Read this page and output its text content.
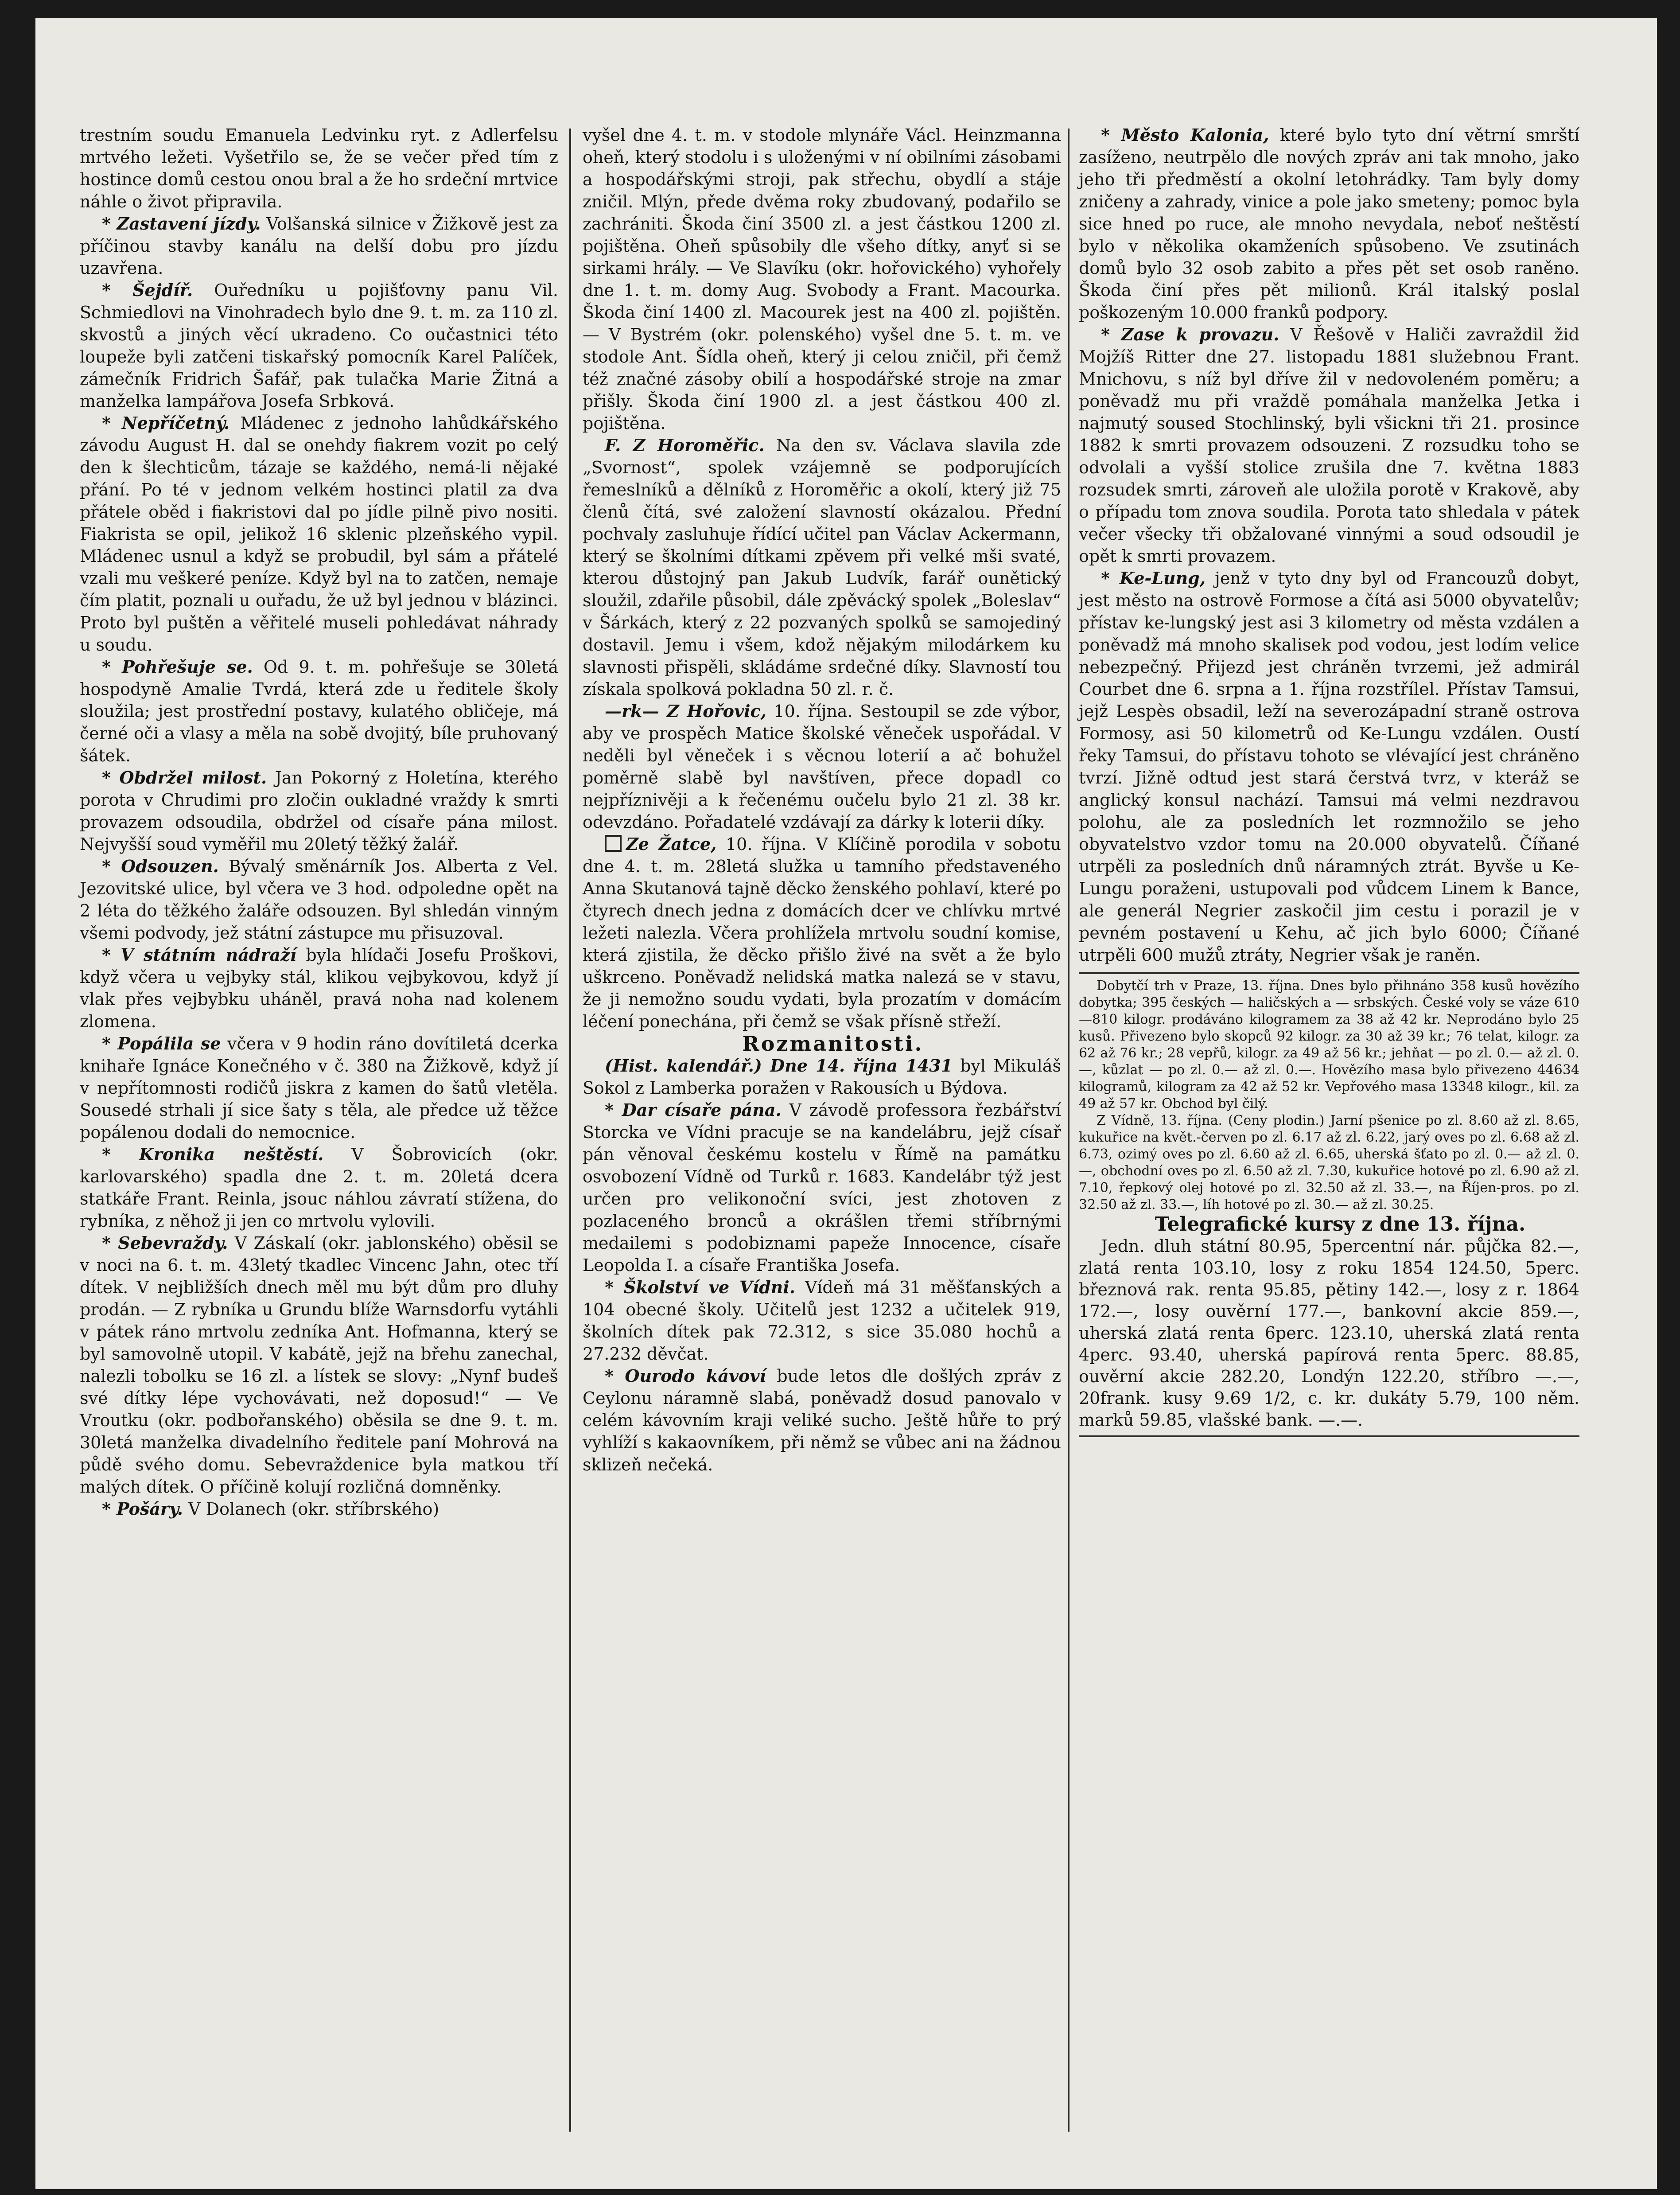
trestním soudu Emanuela Ledvinku ryt. z Adlerfelsu mrtvého ležeti. Vyšetřilo se, že se večer před tím z hostince domů cestou onou bral a že ho srdeční mrtvice náhle o život připravila.

* Zastavení jízdy. Volšanská silnice v Žižkově jest za příčinou stavby kanálu na delší dobu pro jízdu uzavřena.

* Šejdíř. Ouředníku u pojišťovny panu Vil. Schmiedlovi na Vinohradech bylo dne 9. t. m. za 110 zl. skvostů a jiných věcí ukradeno. Co oučastnici této loupeže byli zatčeni tiskařský pomocník Karel Palíček, zámečník Fridrich Šafář, pak tulačka Marie Žitná a manželka lampářova Josefa Srbková.

* Nepříčetný. Mládenec z jednoho lahůdkářského závodu August H. dal se onehdy fiakrem vozit po celý den k šlechticům, tázaje se každého, nemá-li nějaké přání. Po té v jednom velkém hostinci platil za dva přátele oběd i fiakristovi dal po jídle pilně pivo nositi. Fiakrista se opil, jelikož 16 sklenic plzeňského vypil. Mládenec usnul a když se probudil, byl sám a přátelé vzali mu veškeré peníze. Když byl na to zatčen, nemaje čím platit, poznali u ouřadu, že už byl jednou v blázinci. Proto byl puštěn a věřitelé museli pohledávat náhrady u soudu.

* Pohřešuje se. Od 9. t. m. pohřešuje se 30letá hospodyně Amalie Tvrdá, která zde u ředitele školy sloužila; jest prostřední postavy, kulatého obličeje, má černé oči a vlasy a měla na sobě dvojitý, bíle pruhovaný šátek.

* Obdržel milost. Jan Pokorný z Holetína, kterého porota v Chrudimi pro zločin oukladné vraždy k smrti provazem odsoudila, obdržel od císaře pána milost. Nejvyšší soud vyměřil mu 20letý těžký žalář.

* Odsouzen. Bývalý směnárník Jos. Alberta z Vel. Jezovitské ulice, byl včera ve 3 hod. odpoledne opět na 2 léta do těžkého žaláře odsouzen. Byl shledán vinným všemi podvody, jež státní zástupce mu přisuzoval.

* V státním nádraží byla hlídači Josefu Proškovi, když včera u vejbyky stál, klikou vejbykovou, když jí vlak přes vejbybku uháněl, pravá noha nad kolenem zlomena.

* Popálila se včera v 9 hodin ráno dovítiletá dcerka knihaře Ignáce Konečného v č. 380 na Žižkově, když jí v nepřítomnosti rodičů jiskra z kamen do šatů vletěla. Sousedé strhali jí sice šaty s těla, ale předce už těžce popálenou dodali do nemocnice.

* Kronika neštěstí. V Šobrovicích (okr. karlovarského) spadla dne 2. t. m. 20letá dcera statkáře Frant. Reinla, jsouc náhlou závratí stížena, do rybníka, z něhož ji jen co mrtvolu vylovili.

* Sebevraždy. V Záskalí (okr. jablonského) oběsil se v noci na 6. t. m. 43letý tkadlec Vincenc Jahn, otec tří dítek. V nejbližších dnech měl mu být dům pro dluhy prodán. — Z rybníka u Grundu blíže Warnsdorfu vytáhli v pátek ráno mrtvolu zedníka Ant. Hofmanna, který se byl samovolně utopil. V kabátě, jejž na břehu zanechal, nalezli tobolku se 16 zl. a lístek se slovy: „Nynf budeš své dítky lépe vychovávati, než doposud!“ — Ve Vroutku (okr. podbořanského) oběsila se dne 9. t. m. 30letá manželka divadelního ředitele paní Mohrová na půdě svého domu. Sebevraždenice byla matkou tří malých dítek. O příčině kolují rozličná domněnky.

* Pošáry. V Dolanech (okr. stříbrského)

vyšel dne 4. t. m. v stodole mlynáře Václ. Heinzmanna oheň, který stodolu i s uloženými v ní obilními zásobami a hospodářskými stroji, pak střechu, obydlí a stáje zničil. Mlýn, přede dvěma roky zbudovaný, podařilo se zachrániti. Škoda činí 3500 zl. a jest částkou 1200 zl. pojištěna. Oheň spůsobily dle všeho dítky, anyť si se sirkami hrály. — Ve Slavíku (okr. hořovického) vyhořely dne 1. t. m. domy Aug. Svobody a Frant. Macourka. Škoda činí 1400 zl. Macourek jest na 400 zl. pojištěn. — V Bystrém (okr. polenského) vyšel dne 5. t. m. ve stodole Ant. Šídla oheň, který ji celou zničil, při čemž též značné zásoby obilí a hospodářské stroje na zmar přišly. Škoda činí 1900 zl. a jest částkou 400 zl. pojištěna.

F. Z Horoměřic. Na den sv. Václava slavila zde „Svornost“, spolek vzájemně se podporujících řemeslníků a dělníků z Horoměřic a okolí, který již 75 členů čítá, své založení slavností okázalou. Přední pochvaly zasluhuje řídící učitel pan Václav Ackermann, který se školními dítkami zpěvem při velké mši svaté, kterou důstojný pan Jakub Ludvík, farář ounětický sloužil, zdařile působil, dále zpěvácký spolek „Boleslav“ v Šárkách, který z 22 pozvaných spolků se samojediný dostavil. Jemu i všem, kdož nějakým milodárkem ku slavnosti přispěli, skládáme srdečné díky. Slavností tou získala spolková pokladna 50 zl. r. č.

—rk— Z Hořovic, 10. října. Sestoupil se zde výbor, aby ve prospěch Matice školské věneček uspořádal. V neděli byl věneček i s věcnou loterií a ač bohužel poměrně slabě byl navštíven, přece dopadl co nejpříznivěji a k řečenému oučelu bylo 21 zl. 38 kr. odevzdáno. Pořadatelé vzdávají za dárky k loterii díky.

Ze Žatce, 10. října. V Klíčině porodila v sobotu dne 4. t. m. 28letá služka u tamního představeného Anna Skutanová tajně děcko ženského pohlaví, které po čtyrech dnech jedna z domácích dcer ve chlívku mrtvé ležeti nalezla. Včera prohlížela mrtvolu soudní komise, která zjistila, že děcko přišlo živé na svět a že bylo uškrceno. Poněvadž nelidská matka nalezá se v stavu, že ji nemožno soudu vydati, byla prozatím v domácím léčení ponechána, při čemž se však přísně střeží.

Rozmanitosti.

(Hist. kalendář.) Dne 14. října 1431 byl Mikuláš Sokol z Lamberka poražen v Rakousích u Býdova.

* Dar císaře pána. V závodě professora řezbářství Storcka ve Vídni pracuje se na kandelábru, jejž císař pán věnoval českému kostelu v Římě na památku osvobození Vídně od Turků r. 1683. Kandelábr týž jest určen pro velikonoční svíci, jest zhotoven z pozlaceného bronců a okrášlen třemi stříbrnými medailemi s podobiznami papeže Innocence, císaře Leopolda I. a císaře Františka Josefa.

* Školství ve Vídni. Vídeň má 31 měšťanských a 104 obecné školy. Učitelů jest 1232 a učitelek 919, školních dítek pak 72.312, s sice 35.080 hochů a 27.232 děvčat.

* Ourodo kávoví bude letos dle došlých zpráv z Ceylonu náramně slabá, poněvadž dosud panovalo v celém kávovním kraji veliké sucho. Ještě hůře to prý vyhlíží s kakaovníkem, při němž se vůbec ani na žádnou sklizeň nečeká.

* Město Kalonia, které bylo tyto dní větrní smrští zasíženo, neutrpělo dle nových zpráv ani tak mnoho, jako jeho tři předměstí a okolní letohrádky. Tam byly domy zničeny a zahrady, vinice a pole jako smeteny; pomoc byla sice hned po ruce, ale mnoho nevydala, neboť neštěstí bylo v několika okamženích spůsobeno. Ve zsutinách domů bylo 32 osob zabito a přes pět set osob raněno. Škoda činí přes pět milionů. Král italský poslal poškozeným 10.000 franků podpory.

* Zase k provazu. V Řešově v Haliči zavraždil žid Mojžíš Ritter dne 27. listopadu 1881 služebnou Frant. Mnichovu, s níž byl dříve žil v nedovoleném poměru; a poněvadž mu při vraždě pomáhala manželka Jetka i najmutý soused Stochlinský, byli všickni tři 21. prosince 1882 k smrti provazem odsouzeni. Z rozsudku toho se odvolali a vyšší stolice zrušila dne 7. května 1883 rozsudek smrti, zároveň ale uložila porotě v Krakově, aby o případu tom znova soudila. Porota tato shledala v pátek večer všecky tři obžalované vinnými a soud odsoudil je opět k smrti provazem.

* Ke-Lung, jenž v tyto dny byl od Francouzů dobyt, jest město na ostrově Formose a čítá asi 5000 obyvatelův; přístav ke-lungský jest asi 3 kilometry od města vzdálen a poněvadž má mnoho skalisek pod vodou, jest lodím velice nebezpečný. Přijezd jest chráněn tvrzemi, jež admirál Courbet dne 6. srpna a 1. října rozstřílel. Přístav Tamsui, jejž Lespès obsadil, leží na severozápadní straně ostrova Formosy, asi 50 kilometrů od Ke-Lungu vzdálen. Oustí řeky Tamsui, do přístavu tohoto se vlévající jest chráněno tvrzí. Jižně odtud jest stará čerstvá tvrz, v kteráž se anglický konsul nachází. Tamsui má velmi nezdravou polohu, ale za posledních let rozmnožilo se jeho obyvatelstvo vzdor tomu na 20.000 obyvatelů. Číňané utrpěli za posledních dnů náramných ztrát. Byvše u Ke-Lungu poraženi, ustupovali pod vůdcem Linem k Bance, ale generál Negrier zaskočil jim cestu i porazil je v pevném postavení u Kehu, ač jich bylo 6000; Číňané utrpěli 600 mužů ztráty, Negrier však je raněn.

Dobytčí trh v Praze, 13. října. Dnes bylo přihnáno 358 kusů hovězího dobytka; 395 českých — haličských a — srbských. České voly se váze 610—810 kilogr. prodáváno kilogramem za 38 až 42 kr. Neprodáno bylo 25 kusů. Přivezeno bylo skopců 92 kilogr. za 30 až 39 kr.; 76 telat, kilogr. za 62 až 76 kr.; 28 vepřů, kilogr. za 49 až 56 kr.; jehňat — po zl. 0.— až zl. 0.—, kůzlat — po zl. 0.— až zl. 0.—. Hovězího masa bylo přivezeno 44634 kilogramů, kilogram za 42 až 52 kr. Vepřového masa 13348 kilogr., kil. za 49 až 57 kr. Obchod byl čilý.

Z Vídně, 13. října. (Ceny plodin.) Jarní pšenice po zl. 8.60 až zl. 8.65, kukuřice na květ.-červen po zl. 6.17 až zl. 6.22, jarý oves po zl. 6.68 až zl. 6.73, ozimý oves po zl. 6.60 až zl. 6.65, uherská šťato po zl. 0.— až zl. 0.—, obchodní oves po zl. 6.50 až zl. 7.30, kukuřice hotové po zl. 6.90 až zl. 7.10, řepkový olej hotové po zl. 32.50 až zl. 33.—, na Říjen-pros. po zl. 32.50 až zl. 33.—, líh hotové po zl. 30.— až zl. 30.25.

Telegrafické kursy z dne 13. října.

Jedn. dluh státní 80.95, 5percentní nár. půjčka 82.—, zlatá renta 103.10, losy z roku 1854 124.50, 5perc. březnová rak. renta 95.85, pětiny 142.—, losy z r. 1864 172.—, losy ouvěrní 177.—, bankovní akcie 859.—, uherská zlatá renta 6perc. 123.10, uherská zlatá renta 4perc. 93.40, uherská papírová renta 5perc. 88.85, ouvěrní akcie 282.20, Londýn 122.20, stříbro —.—, 20frank. kusy 9.69 1/2, c. kr. dukáty 5.79, 100 něm. marků 59.85, vlašské bank. —.—.
